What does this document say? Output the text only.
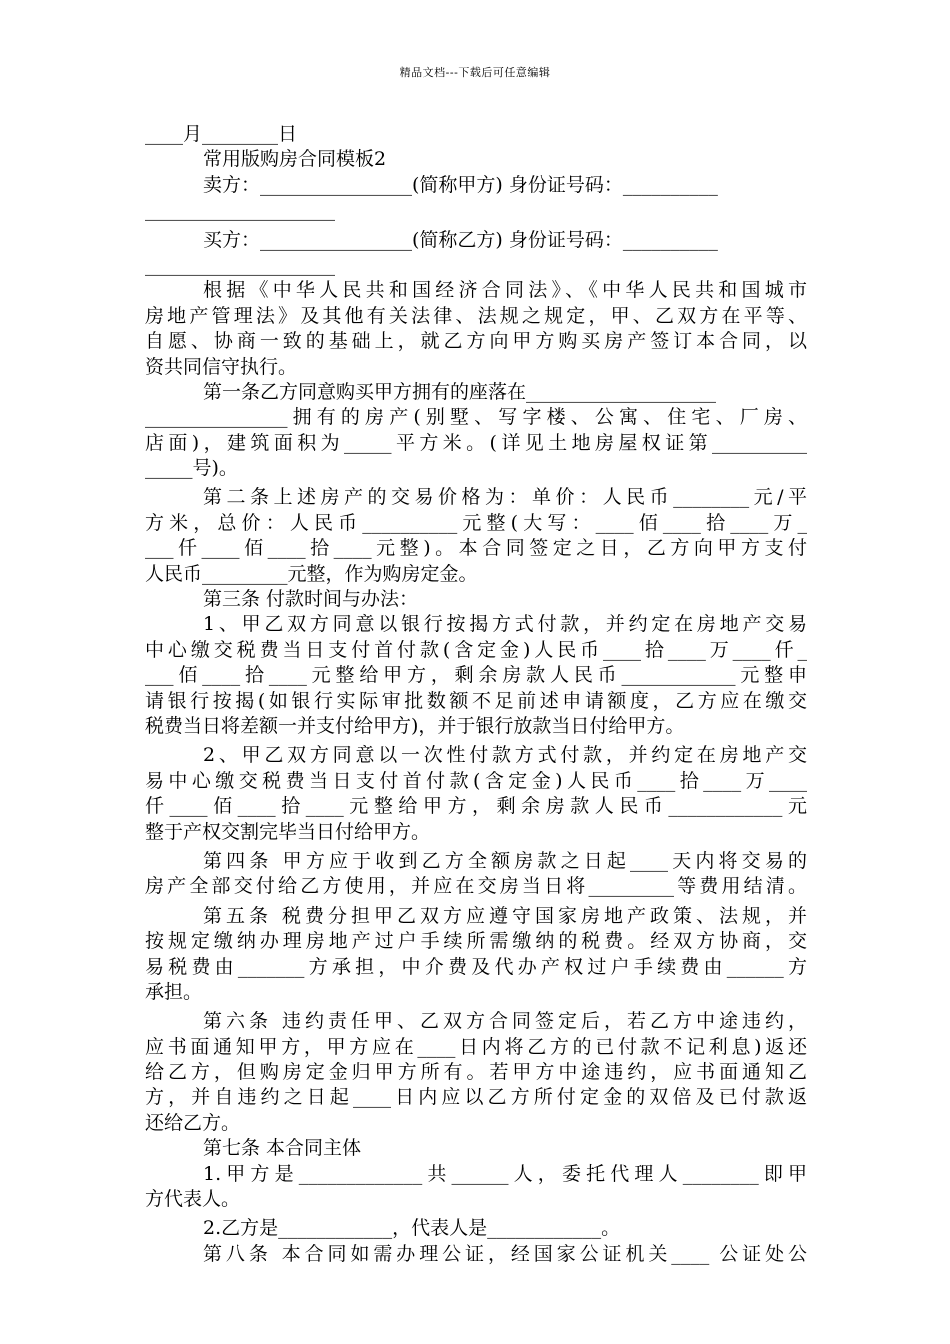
精品文档---下载后可任意编辑
____月________日
常用版购房合同模板2
卖方：________________(简称甲方) 身份证号码：__________
____________________
买方：________________(简称乙方) 身份证号码：__________
____________________
根据《中华人民共和国经济合同法》、《中华人民共和国城市
房地产管理法》及其他有关法律、法规之规定，甲、乙双方在平等、
自愿、协商一致的基础上，就乙方向甲方购买房产签订本合同，以
资共同信守执行。
第一条乙方同意购买甲方拥有的座落在____________________
_______________拥有的房产(别墅、写字楼、公寓、住宅、厂房、
店面)，建筑面积为_____平方米。(详见土地房屋权证第__________
_____号)。
第二条上述房产的交易价格为：单价：人民币________元/平
方米，总价：人民币__________元整(大写：____佰____拾____万_
___仟____佰____拾____元整)。本合同签定之日，乙方向甲方支付
人民币_________元整，作为购房定金。
第三条 付款时间与办法：
1、甲乙双方同意以银行按揭方式付款，并约定在房地产交易
中心缴交税费当日支付首付款(含定金)人民币____拾____万____仟_
___佰____拾____元整给甲方，剩余房款人民币____________元整申
请银行按揭(如银行实际审批数额不足前述申请额度，乙方应在缴交
税费当日将差额一并支付给甲方)，并于银行放款当日付给甲方。
2、甲乙双方同意以一次性付款方式付款，并约定在房地产交
易中心缴交税费当日支付首付款(含定金)人民币____拾____万____
仟____佰____拾____元整给甲方，剩余房款人民币____________元
整于产权交割完毕当日付给甲方。
第四条 甲方应于收到乙方全额房款之日起____天内将交易的
房产全部交付给乙方使用，并应在交房当日将_________等费用结清。
第五条 税费分担甲乙双方应遵守国家房地产政策、法规，并
按规定缴纳办理房地产过户手续所需缴纳的税费。经双方协商，交
易税费由_______方承担，中介费及代办产权过户手续费由______方
承担。
第六条 违约责任甲、乙双方合同签定后，若乙方中途违约，
应书面通知甲方，甲方应在____日内将乙方的已付款不记利息)返还
给乙方，但购房定金归甲方所有。若甲方中途违约，应书面通知乙
方，并自违约之日起____日内应以乙方所付定金的双倍及已付款返
还给乙方。
第七条 本合同主体
1.甲方是_____________共______人，委托代理人________即甲
方代表人。
2.乙方是____________，代表人是____________。
第八条 本合同如需办理公证，经国家公证机关____ 公证处公
